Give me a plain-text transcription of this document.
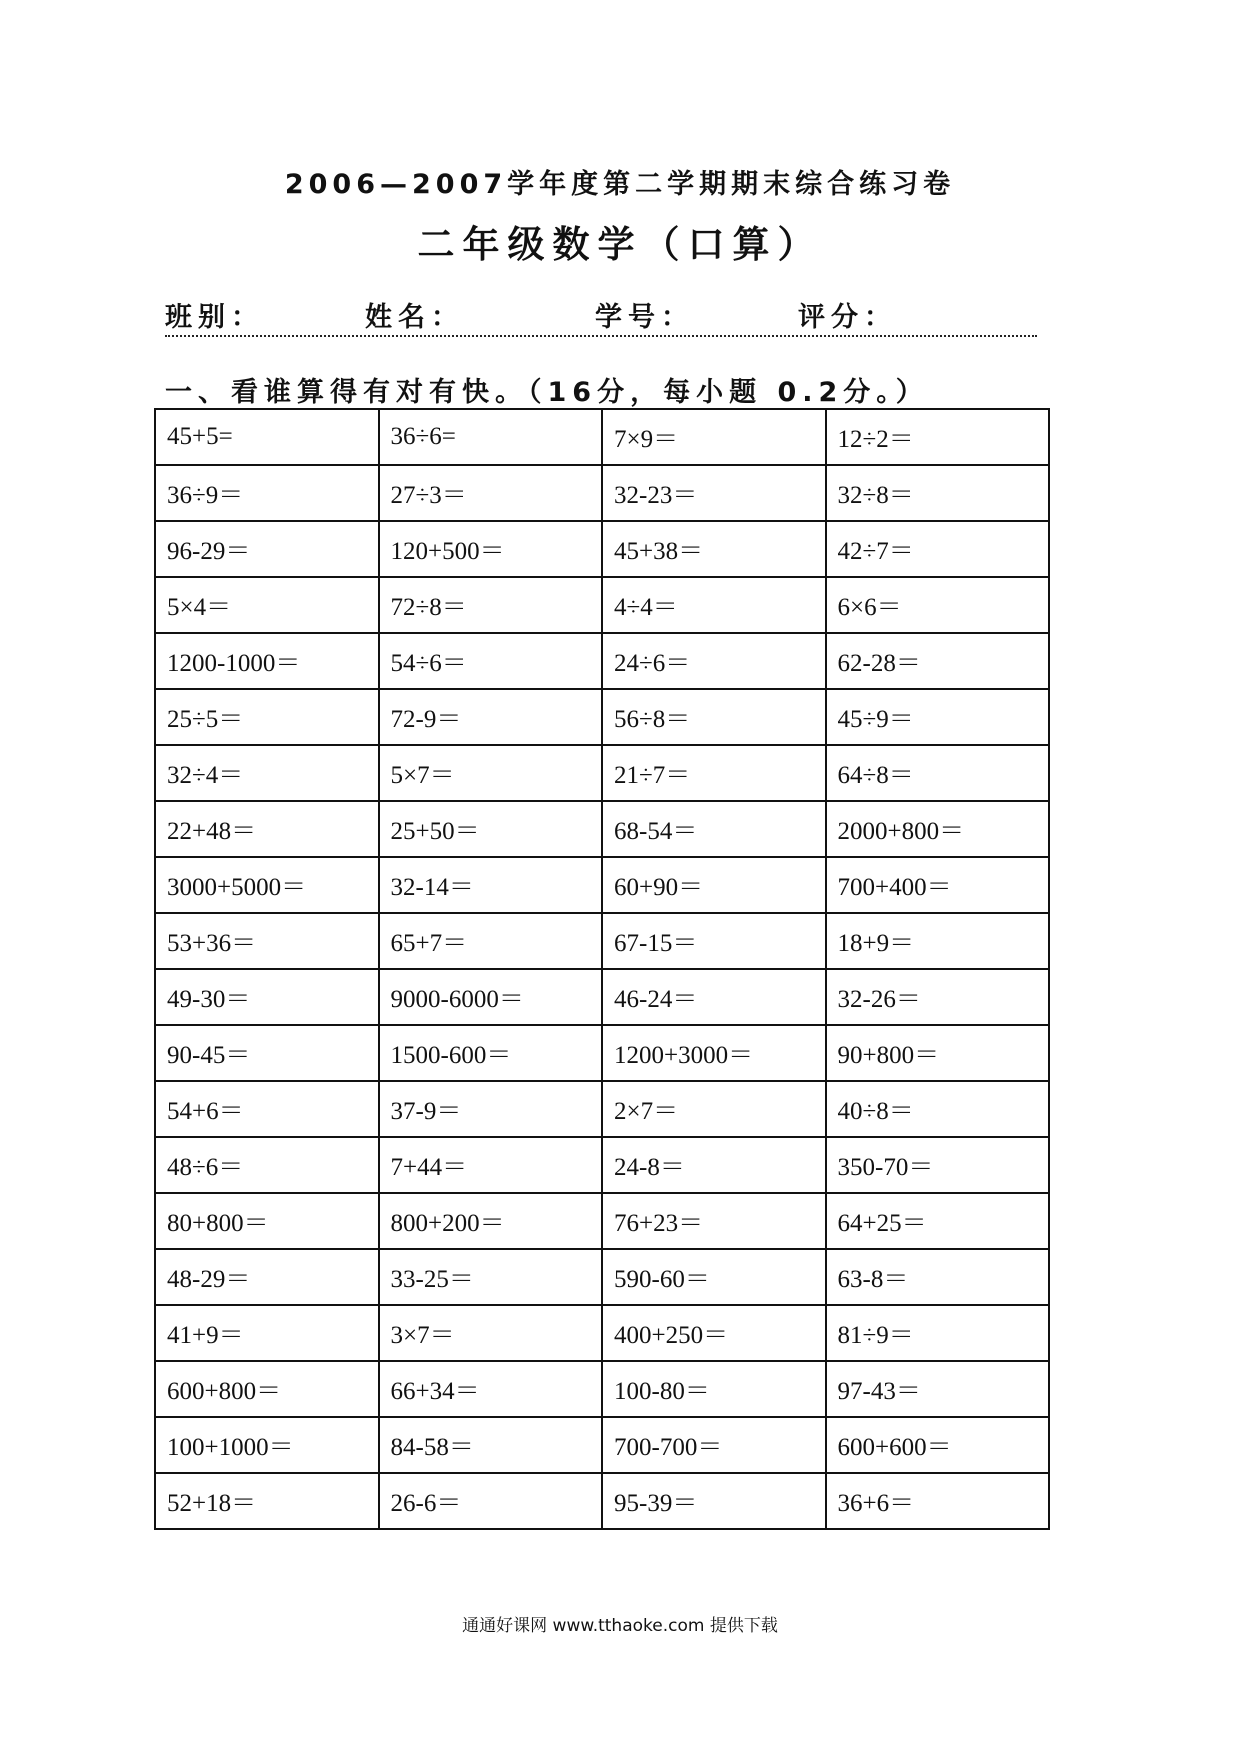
2006—2007学年度第二学期期末综合练习卷
二年级数学（口算）
班别：	姓名：	学号：	评分：
一、看谁算得有对有快。（16分，每小题 0.2分。）
45+5=	36÷6=	7×9＝	12÷2＝
36÷9＝	27÷3＝	32-23＝	32÷8＝
96-29＝	120+500＝	45+38＝	42÷7＝
5×4＝	72÷8＝	4÷4＝	6×6＝
1200-1000＝	54÷6＝	24÷6＝	62-28＝
25÷5＝	72-9＝	56÷8＝	45÷9＝
32÷4＝	5×7＝	21÷7＝	64÷8＝
22+48＝	25+50＝	68-54＝	2000+800＝
3000+5000＝	32-14＝	60+90＝	700+400＝
53+36＝	65+7＝	67-15＝	18+9＝
49-30＝	9000-6000＝	46-24＝	32-26＝
90-45＝	1500-600＝	1200+3000＝	90+800＝
54+6＝	37-9＝	2×7＝	40÷8＝
48÷6＝	7+44＝	24-8＝	350-70＝
80+800＝	800+200＝	76+23＝	64+25＝
48-29＝	33-25＝	590-60＝	63-8＝
41+9＝	3×7＝	400+250＝	81÷9＝
600+800＝	66+34＝	100-80＝	97-43＝
100+1000＝	84-58＝	700-700＝	600+600＝
52+18＝	26-6＝	95-39＝	36+6＝
通通好课网 www.tthaoke.com 提供下载
